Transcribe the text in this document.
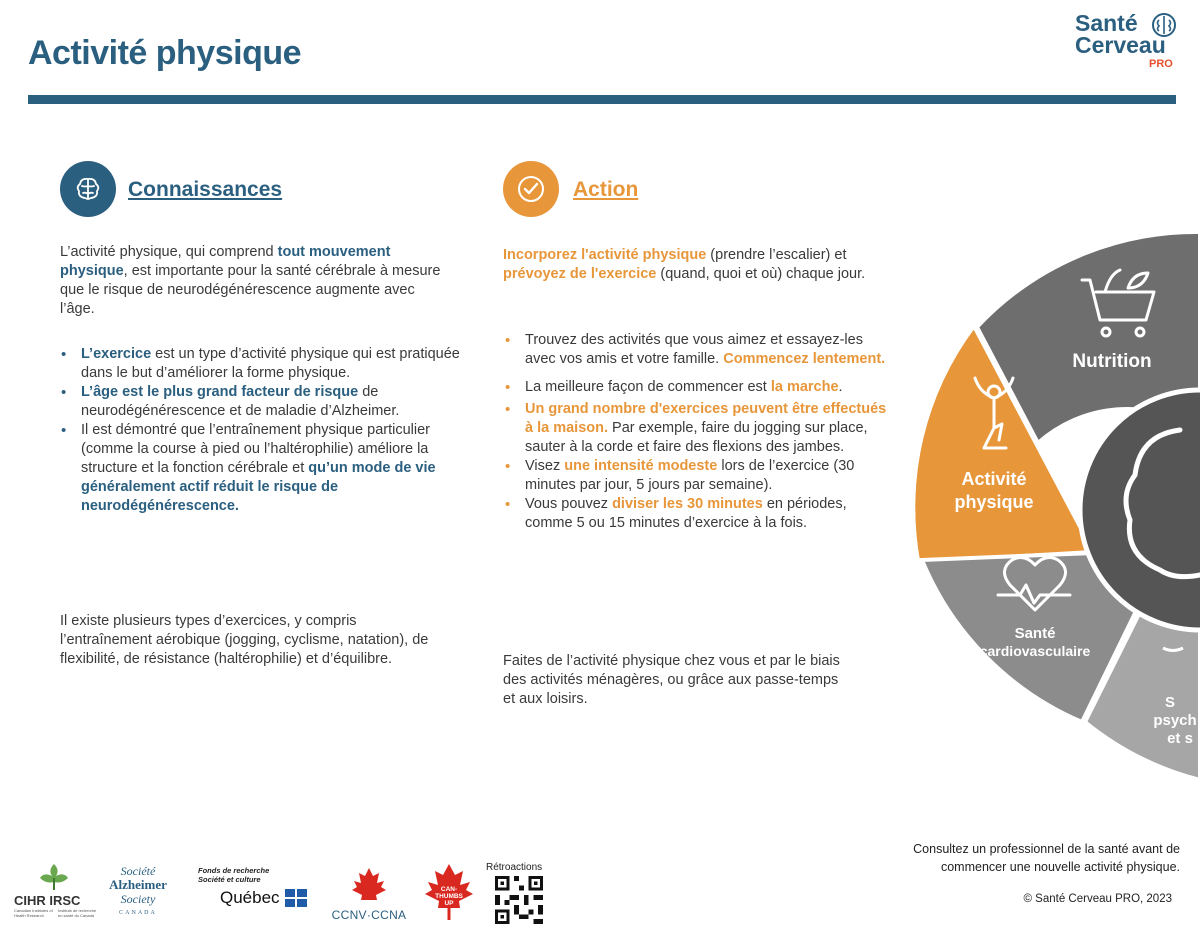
Activité physique
Santé
Cerveau
PRO
Connaissances

L’activité physique, qui comprend tout mouvement physique, est importante pour la santé cérébrale à mesure que le risque de neurodégénérescence augmente avec l’âge.

• L’exercice est un type d’activité physique qui est pratiquée dans le but d’améliorer la forme physique.
• L’âge est le plus grand facteur de risque de neurodégénérescence et de maladie d’Alzheimer.
• Il est démontré que l’entraînement physique particulier (comme la course à pied ou l’haltérophilie) améliore la structure et la fonction cérébrale et qu’un mode de vie généralement actif réduit le risque de neurodégénérescence.

Il existe plusieurs types d’exercices, y compris l’entraînement aérobique (jogging, cyclisme, natation), de flexibilité, de résistance (haltérophilie) et d’équilibre.

Action

Incorporez l'activité physique (prendre l’escalier) et prévoyez de l'exercice (quand, quoi et où) chaque jour.

• Trouvez des activités que vous aimez et essayez-les avec vos amis et votre famille. Commencez lentement.
• La meilleure façon de commencer est la marche.
• Un grand nombre d'exercices peuvent être effectués à la maison. Par exemple, faire du jogging sur place, sauter à la corde et faire des flexions des jambes.
• Visez une intensité modeste lors de l’exercice (30 minutes par jour, 5 jours par semaine).
• Vous pouvez diviser les 30 minutes en périodes, comme 5 ou 15 minutes d’exercice à la fois.

Faites de l’activité physique chez vous et par le biais des activités ménagères, ou grâce aux passe-temps et aux loisirs.

Nutrition
Activité
physique
Santé
cardiovasculaire
S
psych
et s
CIHR IRSC
Canadian Institutes of Health Research
Instituts de recherche en santé du Canada
Société
Alzheimer
Society
CANADA
Fonds de recherche
Société et culture
Québec
CCNV·CCNA
CAN-
THUMBS
UP
Rétroactions
Consultez un professionnel de la santé avant de
commencer une nouvelle activité physique.
© Santé Cerveau PRO, 2023
